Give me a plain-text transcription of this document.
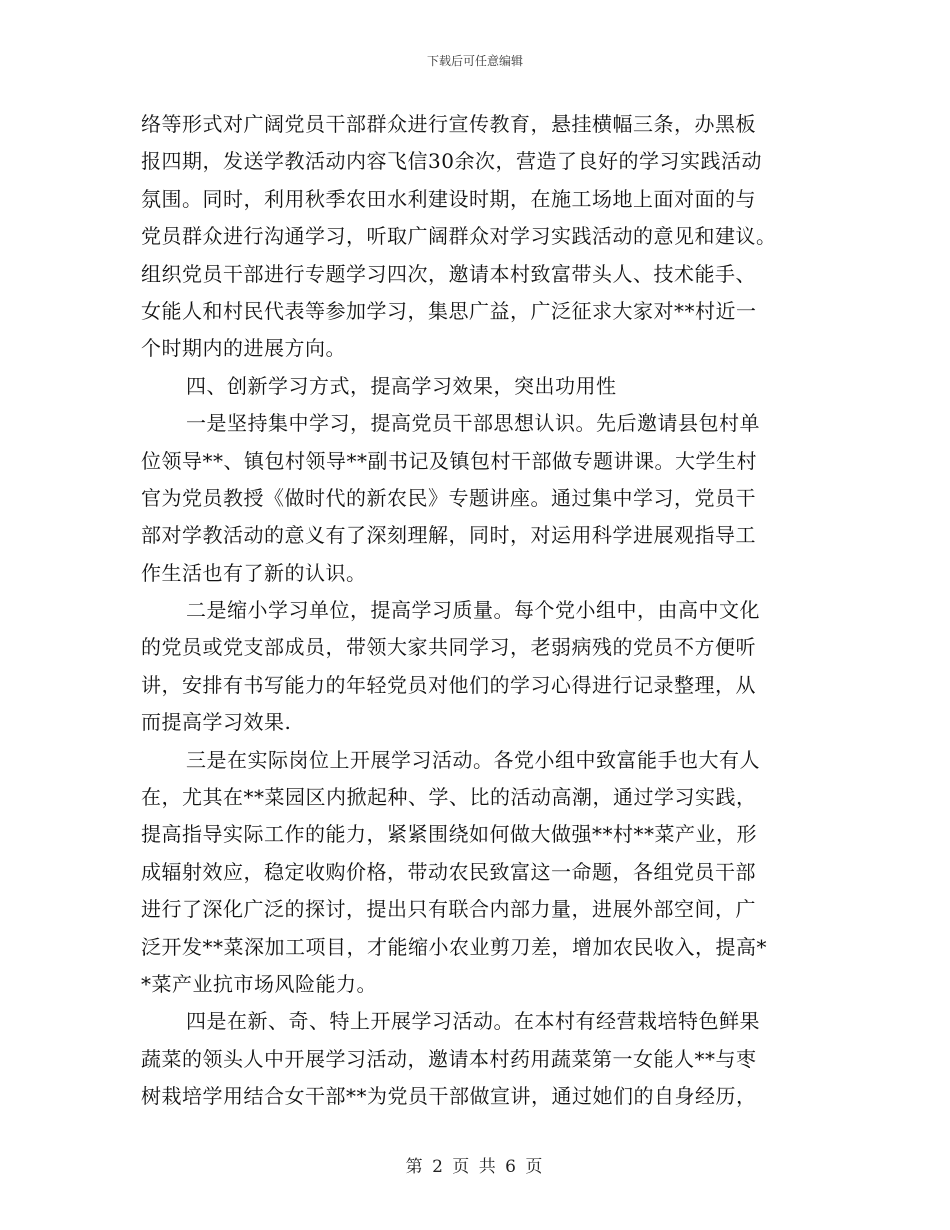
下载后可任意编辑
络等形式对广阔党员干部群众进行宣传教育，悬挂横幅三条，办黑板
报四期，发送学教活动内容飞信30余次，营造了良好的学习实践活动
氛围。同时，利用秋季农田水利建设时期，在施工场地上面对面的与
党员群众进行沟通学习，听取广阔群众对学习实践活动的意见和建议。
组织党员干部进行专题学习四次，邀请本村致富带头人、技术能手、
女能人和村民代表等参加学习，集思广益，广泛征求大家对**村近一
个时期内的进展方向。
四、创新学习方式，提高学习效果，突出功用性
一是坚持集中学习，提高党员干部思想认识。先后邀请县包村单
位领导**、镇包村领导**副书记及镇包村干部做专题讲课。大学生村
官为党员教授《做时代的新农民》专题讲座。通过集中学习，党员干
部对学教活动的意义有了深刻理解，同时，对运用科学进展观指导工
作生活也有了新的认识。
二是缩小学习单位，提高学习质量。每个党小组中，由高中文化
的党员或党支部成员，带领大家共同学习，老弱病残的党员不方便听
讲，安排有书写能力的年轻党员对他们的学习心得进行记录整理，从
而提高学习效果.
三是在实际岗位上开展学习活动。各党小组中致富能手也大有人
在，尤其在**菜园区内掀起种、学、比的活动高潮，通过学习实践，
提高指导实际工作的能力，紧紧围绕如何做大做强**村**菜产业，形
成辐射效应，稳定收购价格，带动农民致富这一命题，各组党员干部
进行了深化广泛的探讨，提出只有联合内部力量，进展外部空间，广
泛开发**菜深加工项目，才能缩小农业剪刀差，增加农民收入，提高*
*菜产业抗市场风险能力。
四是在新、奇、特上开展学习活动。在本村有经营栽培特色鲜果
蔬菜的领头人中开展学习活动，邀请本村药用蔬菜第一女能人**与枣
树栽培学用结合女干部**为党员干部做宣讲，通过她们的自身经历，
第 2 页 共 6 页
